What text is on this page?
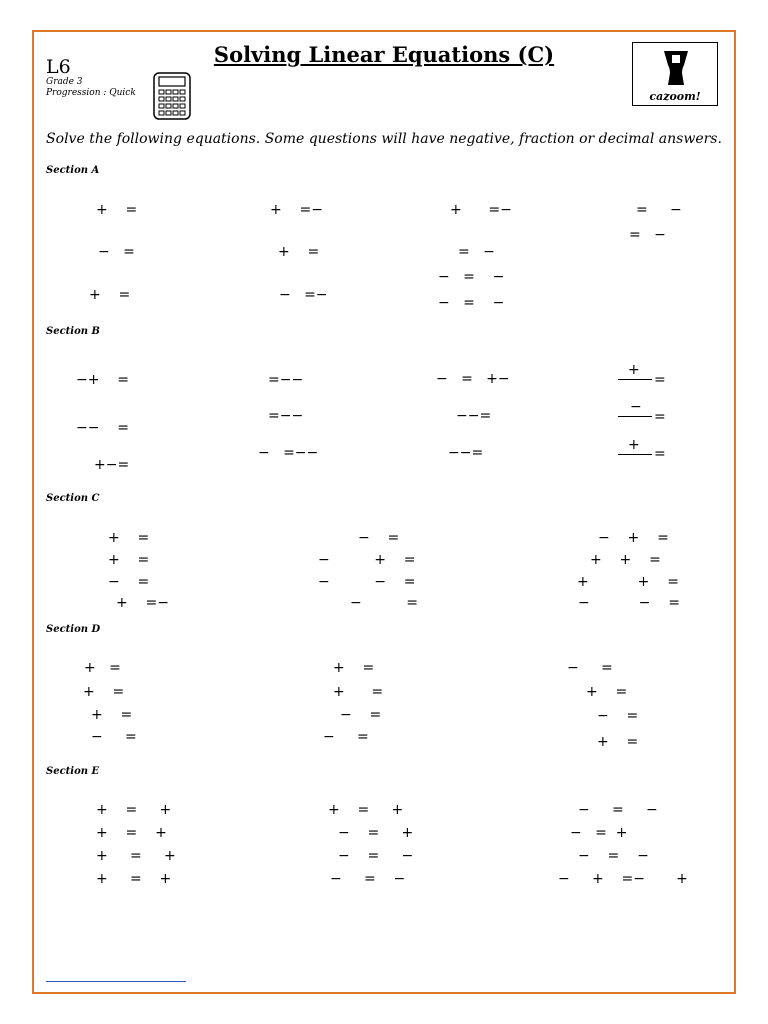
L6
Grade 3
Progression : Quick
Solving Linear Equations (C)
cazoom!
Solve the following equations. Some questions will have negative, fraction or decimal answers.
Section A
+    =
−   =
+    =
+    =−
+    =
−   =−
+      =−
=   −
−   =    −
−   =    −
=     −
=   −
Section B
−+    =
−−    =
+−=
=−−
=−−
−   =−−
−   =   +−
−−=
−−=
+
=
−
=
+
=
Section C
+    =
+    =
−    =
+    =−
−    =
−          +    =
−          −    =
−          =
−    +    =
+    +    =
+           +    =
−           −    =
Section D
+   =
+    =
+    =
−     =
+    =
+      =
−    =
−     =
−     =
+    =
−    =
+    =
Section E
+    =     +
+    =    +
+     =     +
+     =    +
+    =     +
−    =     +
−    =     −
−     =    −
−     =     −
−   =  +
−    =    −
−     +    =−       +
